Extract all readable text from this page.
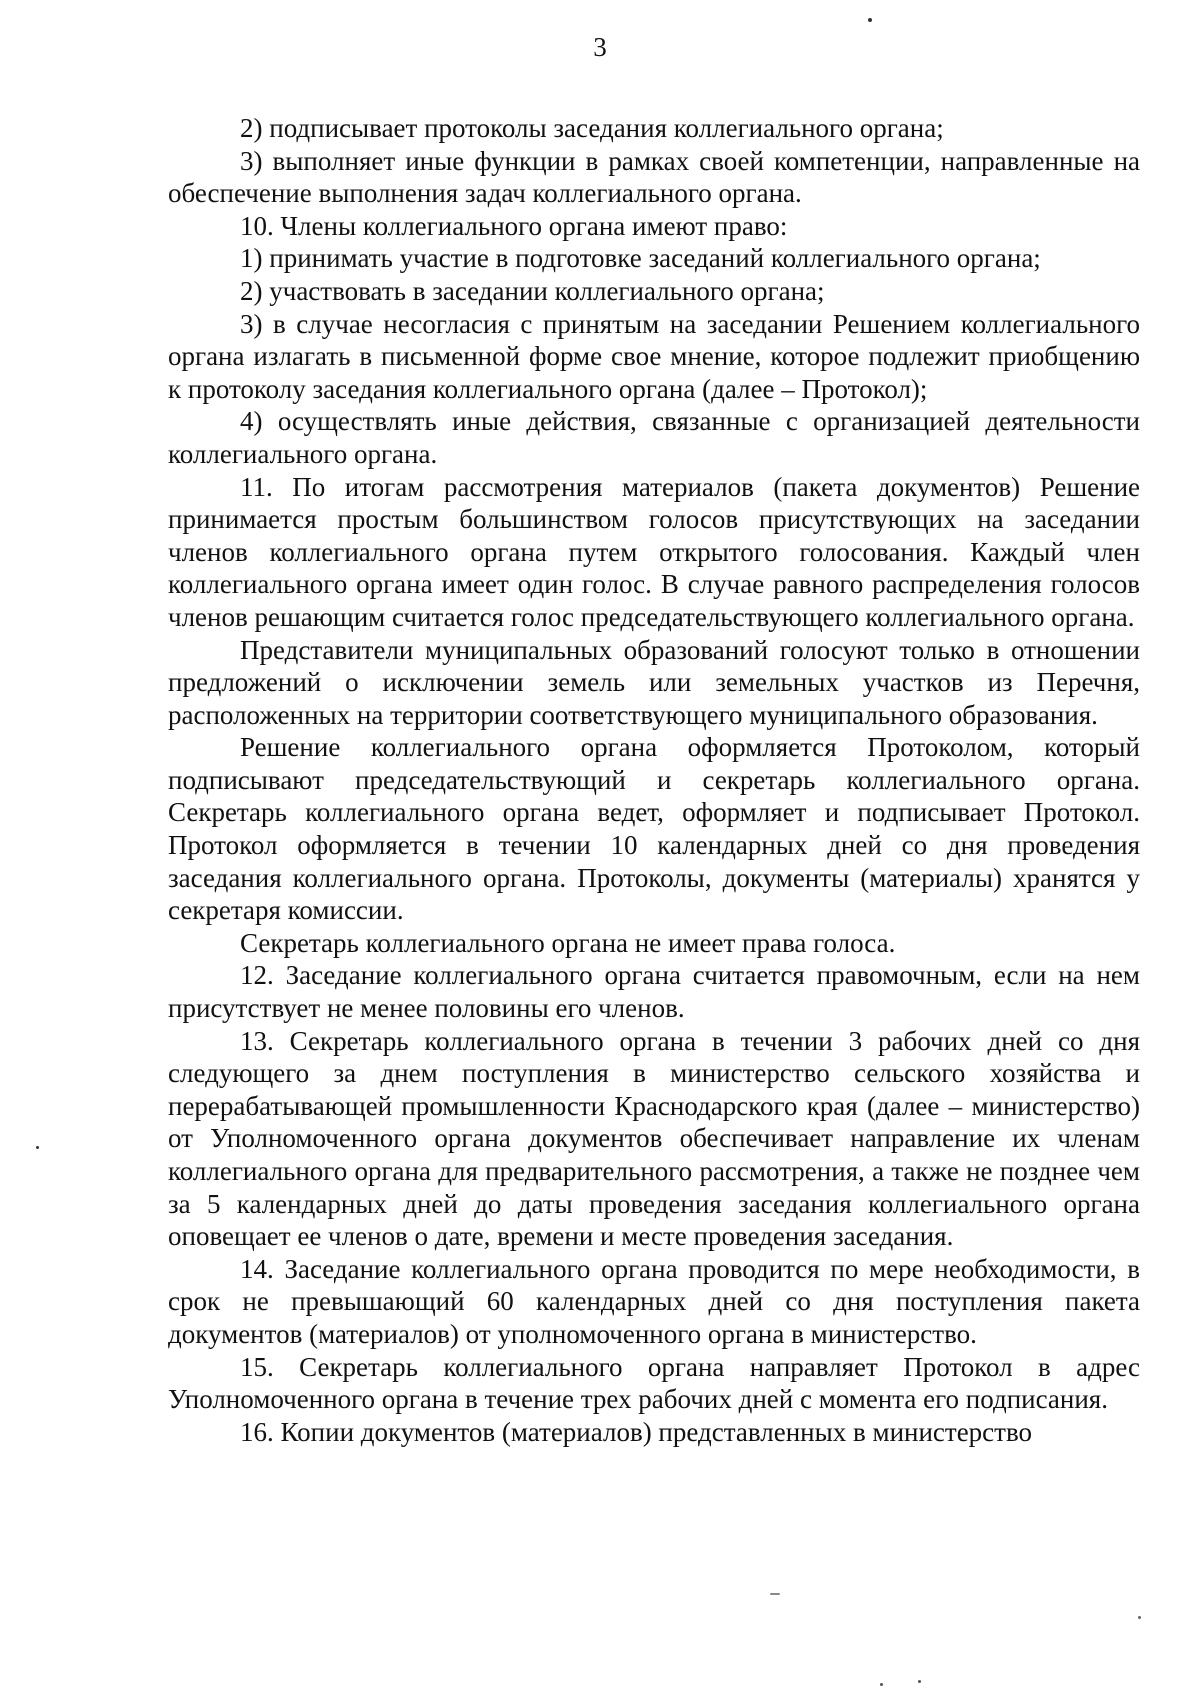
3

2) подписывает протоколы заседания коллегиального органа;

3) выполняет иные функции в рамках своей компетенции, направленные на обеспечение выполнения задач коллегиального органа.

10. Члены коллегиального органа имеют право:

1) принимать участие в подготовке заседаний коллегиального органа;

2) участвовать в заседании коллегиального органа;

3) в случае несогласия с принятым на заседании Решением коллегиального органа излагать в письменной форме свое мнение, которое подлежит приобщению к протоколу заседания коллегиального органа (далее – Протокол);

4) осуществлять иные действия, связанные с организацией деятельности коллегиального органа.

11. По итогам рассмотрения материалов (пакета документов) Решение принимается простым большинством голосов присутствующих на заседании членов коллегиального органа путем открытого голосования. Каждый член коллегиального органа имеет один голос. В случае равного распределения голосов членов решающим считается голос председательствующего коллегиального органа.

Представители муниципальных образований голосуют только в отношении предложений о исключении земель или земельных участков из Перечня, расположенных на территории соответствующего муниципального образования.

Решение коллегиального органа оформляется Протоколом, который подписывают председательствующий и секретарь коллегиального органа. Секретарь коллегиального органа ведет, оформляет и подписывает Протокол. Протокол оформляется в течении 10 календарных дней со дня проведения заседания коллегиального органа. Протоколы, документы (материалы) хранятся у секретаря комиссии.

Секретарь коллегиального органа не имеет права голоса.

12. Заседание коллегиального органа считается правомочным, если на нем присутствует не менее половины его членов.

13. Секретарь коллегиального органа в течении 3 рабочих дней со дня следующего за днем поступления в министерство сельского хозяйства и перерабатывающей промышленности Краснодарского края (далее – министерство) от Уполномоченного органа документов обеспечивает направление их членам коллегиального органа для предварительного рассмотрения, а также не позднее чем за 5 календарных дней до даты проведения заседания коллегиального органа оповещает ее членов о дате, времени и месте проведения заседания.

14. Заседание коллегиального органа проводится по мере необходимости, в срок не превышающий 60 календарных дней со дня поступления пакета документов (материалов) от уполномоченного органа в министерство.

15. Секретарь коллегиального органа направляет Протокол в адрес Уполномоченного органа в течение трех рабочих дней с момента его подписания.

16. Копии документов (материалов) представленных в министерство
